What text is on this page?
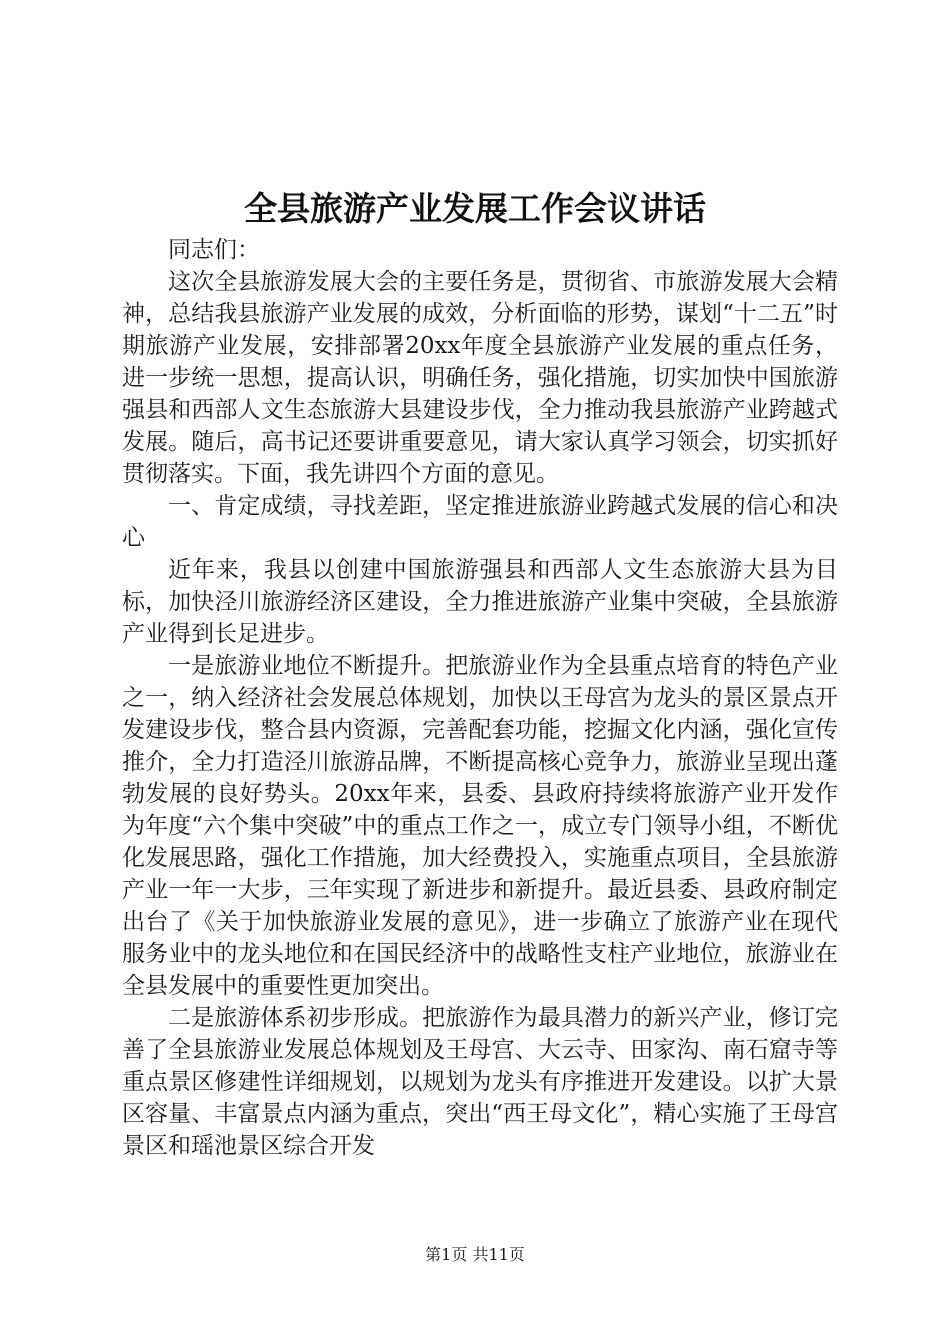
全县旅游产业发展工作会议讲话

同志们：

这次全县旅游发展大会的主要任务是，贯彻省、市旅游发展大会精神，总结我县旅游产业发展的成效，分析面临的形势，谋划“十二五”时期旅游产业发展，安排部署20xx年度全县旅游产业发展的重点任务，进一步统一思想，提高认识，明确任务，强化措施，切实加快中国旅游强县和西部人文生态旅游大县建设步伐，全力推动我县旅游产业跨越式发展。随后，高书记还要讲重要意见，请大家认真学习领会，切实抓好贯彻落实。下面，我先讲四个方面的意见。

一、肯定成绩，寻找差距，坚定推进旅游业跨越式发展的信心和决心

近年来，我县以创建中国旅游强县和西部人文生态旅游大县为目标，加快泾川旅游经济区建设，全力推进旅游产业集中突破，全县旅游产业得到长足进步。

一是旅游业地位不断提升。把旅游业作为全县重点培育的特色产业之一，纳入经济社会发展总体规划，加快以王母宫为龙头的景区景点开发建设步伐，整合县内资源，完善配套功能，挖掘文化内涵，强化宣传推介，全力打造泾川旅游品牌，不断提高核心竞争力，旅游业呈现出蓬勃发展的良好势头。20xx年来，县委、县政府持续将旅游产业开发作为年度“六个集中突破”中的重点工作之一，成立专门领导小组，不断优化发展思路，强化工作措施，加大经费投入，实施重点项目，全县旅游产业一年一大步，三年实现了新进步和新提升。最近县委、县政府制定出台了《关于加快旅游业发展的意见》，进一步确立了旅游产业在现代服务业中的龙头地位和在国民经济中的战略性支柱产业地位，旅游业在全县发展中的重要性更加突出。

二是旅游体系初步形成。把旅游作为最具潜力的新兴产业，修订完善了全县旅游业发展总体规划及王母宫、大云寺、田家沟、南石窟寺等重点景区修建性详细规划，以规划为龙头有序推进开发建设。以扩大景区容量、丰富景点内涵为重点，突出“西王母文化”，精心实施了王母宫景区和瑶池景区综合开发

第1页 共11页
